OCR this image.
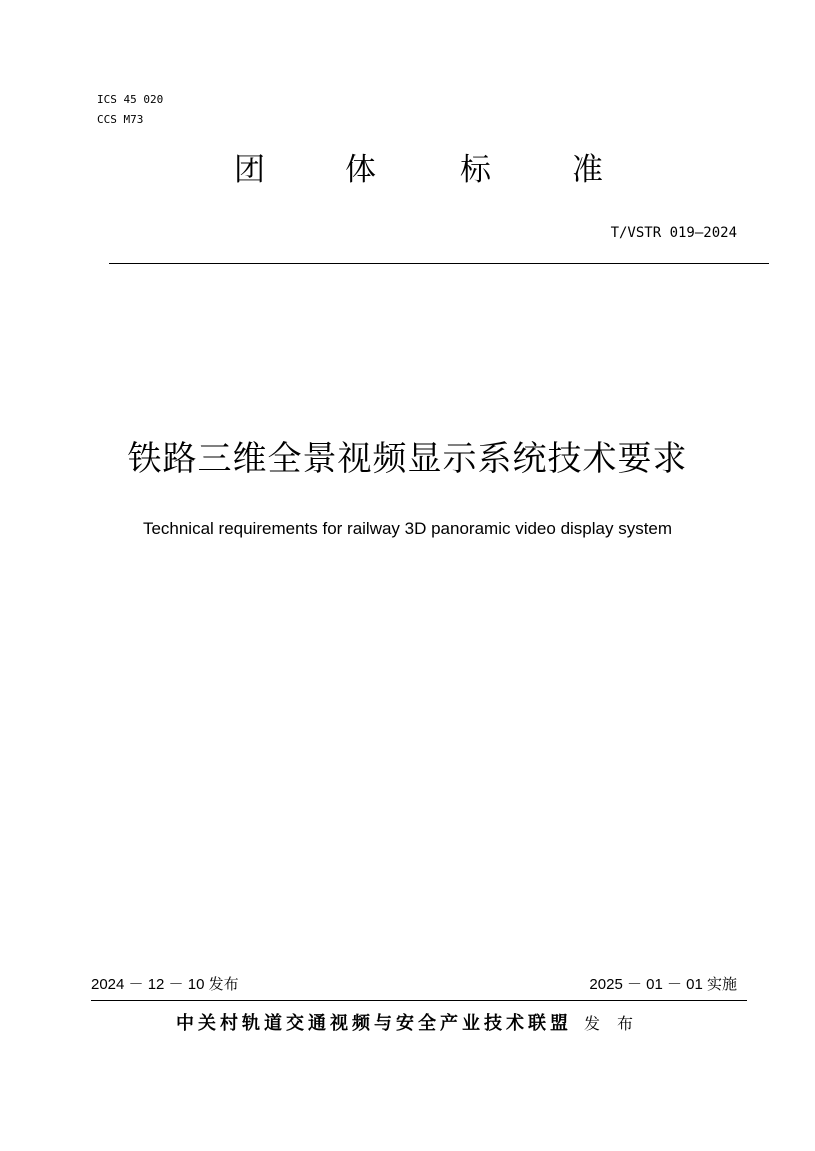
ICS 45 020
CCS M73
团	体	标	准
T/VSTR 019—2024
铁路三维全景视频显示系统技术要求
Technical requirements for railway 3D panoramic video display system
2024 － 12 － 10 发布	2025 － 01 － 01 实施
中关村轨道交通视频与安全产业技术联盟 发 布
